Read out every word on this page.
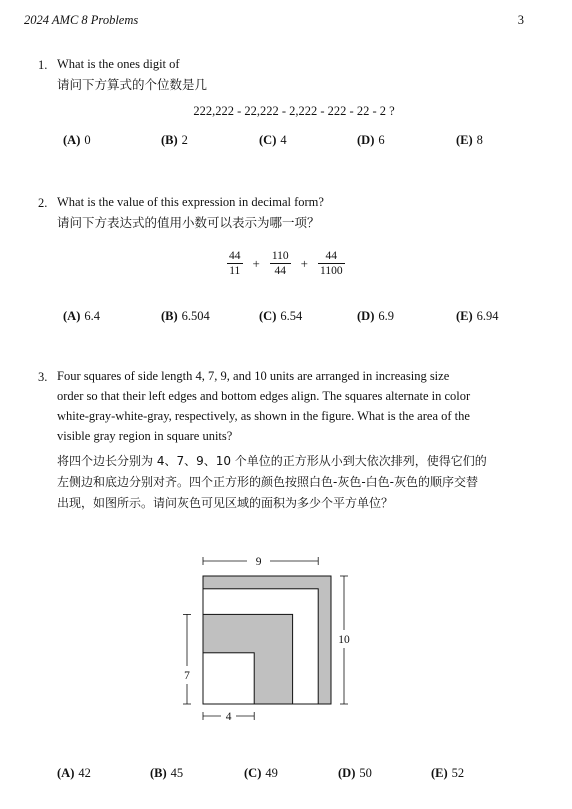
2024 AMC 8 Problems	3
1. What is the ones digit of
请问下方算式的个位数是几
222,222 - 22,222 - 2,222 - 222 - 22 - 2 ?
(A) 0	(B) 2	(C) 4	(D) 6	(E) 8
2. What is the value of this expression in decimal form?
请问下方表达式的值用小数可以表示为哪一项？
$\frac{44}{11} + \frac{110}{44} + \frac{44}{1100}$
(A) 6.4	(B) 6.504	(C) 6.54	(D) 6.9	(E) 6.94
3. Four squares of side length 4, 7, 9, and 10 units are arranged in increasing size
order so that their left edges and bottom edges align. The squares alternate in color
white-gray-white-gray, respectively, as shown in the figure. What is the area of the
visible gray region in square units?
将四个边长分别为 4、7、9、10 个单位的正方形从小到大依次排列，使得它们的
左侧边和底边分别对齐。四个正方形的颜色按照白色-灰色-白色-灰色的顺序交替
出现，如图所示。请问灰色可见区域的面积为多少个平方单位？
9
10
7
4
(A) 42	(B) 45	(C) 49	(D) 50	(E) 52
